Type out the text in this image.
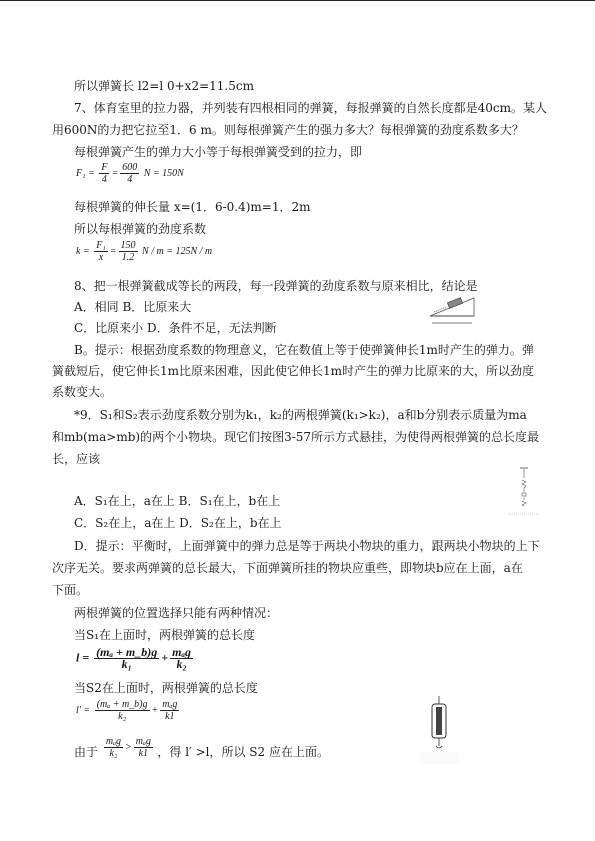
所以弹簧长 l2=l 0+x2=11.5cm
7、体育室里的拉力器，并列装有四根相同的弹簧，每报弹簧的自然长度都是40cm。某人
用600N的力把它拉至1．6 m。则每根弹簧产生的强力多大？每根弹簧的劲度系数多大？
每根弹簧产生的弹力大小等于每根弹簧受到的拉力，即
$F_1 = \frac{F}{4} = \frac{600}{4}$ N = 150N
每根弹簧的伸长量 x=(1．6-0.4)m=1．2m
所以每根弹簧的劲度系数
$k = \frac{\text{F₁}}{x} = \frac{150}{1.2}$ N / m = 125N / m
8、把一根弹簧截成等长的两段，每一段弹簧的劲度系数与原来相比，结论是
A．相同 B．比原来大
C．比原来小 D．条件不足，无法判断
B。提示：根据劲度系数的物理意义，它在数值上等于使弹簧伸长1m时产生的弹力。弹
簧截短后，使它伸长1m比原来困难，因此使它伸长1m时产生的弹力比原来的大，所以劲度
系数变大。
*9．S₁和S₂表示劲度系数分别为k₁，k₂的两根弹簧(k₁>k₂)，a和b分别表示质量为ma
和mb(ma>mb)的两个小物块。现它们按图3-57所示方式悬挂，为使得两根弹簧的总长度最
长，应该
A．S₁在上，a在上 B．S₁在上，b在上
C．S₂在上，a在上 D．S₂在上，b在上
D．提示：平衡时，上面弹簧中的弹力总是等于两块小物块的重力，跟两块小物块的上下
次序无关。要求两弹簧的总长最大，下面弹簧所挂的物块应重些，即物块b应在上面，a在
下面。
两根弹簧的位置选择只能有两种情况：
当S₁在上面时，两根弹簧的总长度
$l = \frac{\text{(mₐ + m\_b)g}}{\text{k₁}} + \frac{\text{mₐg}}{\text{k₂}}$
当S2在上面时，两根弹簧的总长度
$l' = \frac{\text{(mₐ + m\_b)g}}{\text{k₂}} + \frac{\text{mₐg}}{k1}$
由于 $^{\frac{\text{mₐg}}{\text{k₂}} > \frac{\text{mₐg}}{k1}}$ ，得 l′ >l，所以 S2 应在上面。
